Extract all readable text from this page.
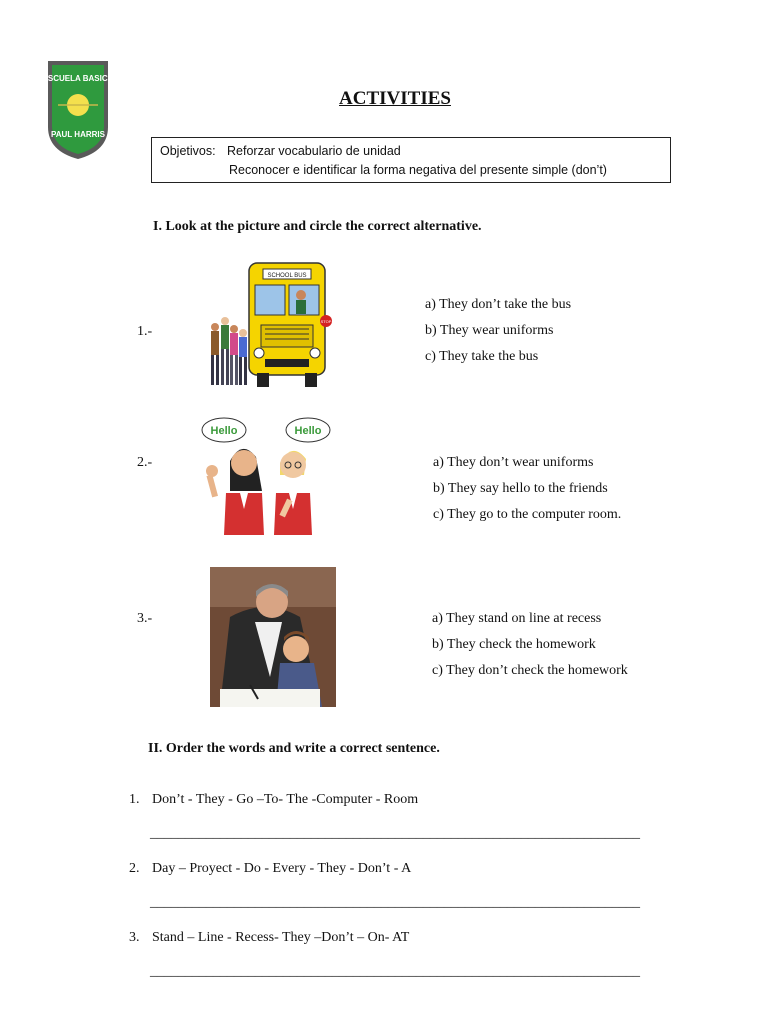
ESCUELA BASICA
PAUL HARRIS
ACTIVITIES
Objetivos: Reforzar vocabulario de unidad
Reconocer e identificar la forma negativa del presente simple (don’t)
I. Look at the picture and circle the correct alternative.
1.-
SCHOOL BUS
STOP
a) They don’t take the bus
b) They wear uniforms
c) They take the bus
2.-
Hello	Hello
a) They don’t wear uniforms
b) They say hello to the friends
c) They go to the computer room.
3.-	a) They stand on line at recess
b) They check the homework
c) They don’t check the homework
II. Order the words and write a correct sentence.
1. Don’t - They - Go –To- The -Computer - Room
______________________________________________________________________
2. Day – Proyect - Do - Every - They - Don’t - A
______________________________________________________________________
3. Stand – Line - Recess- They –Don’t – On- AT
______________________________________________________________________
